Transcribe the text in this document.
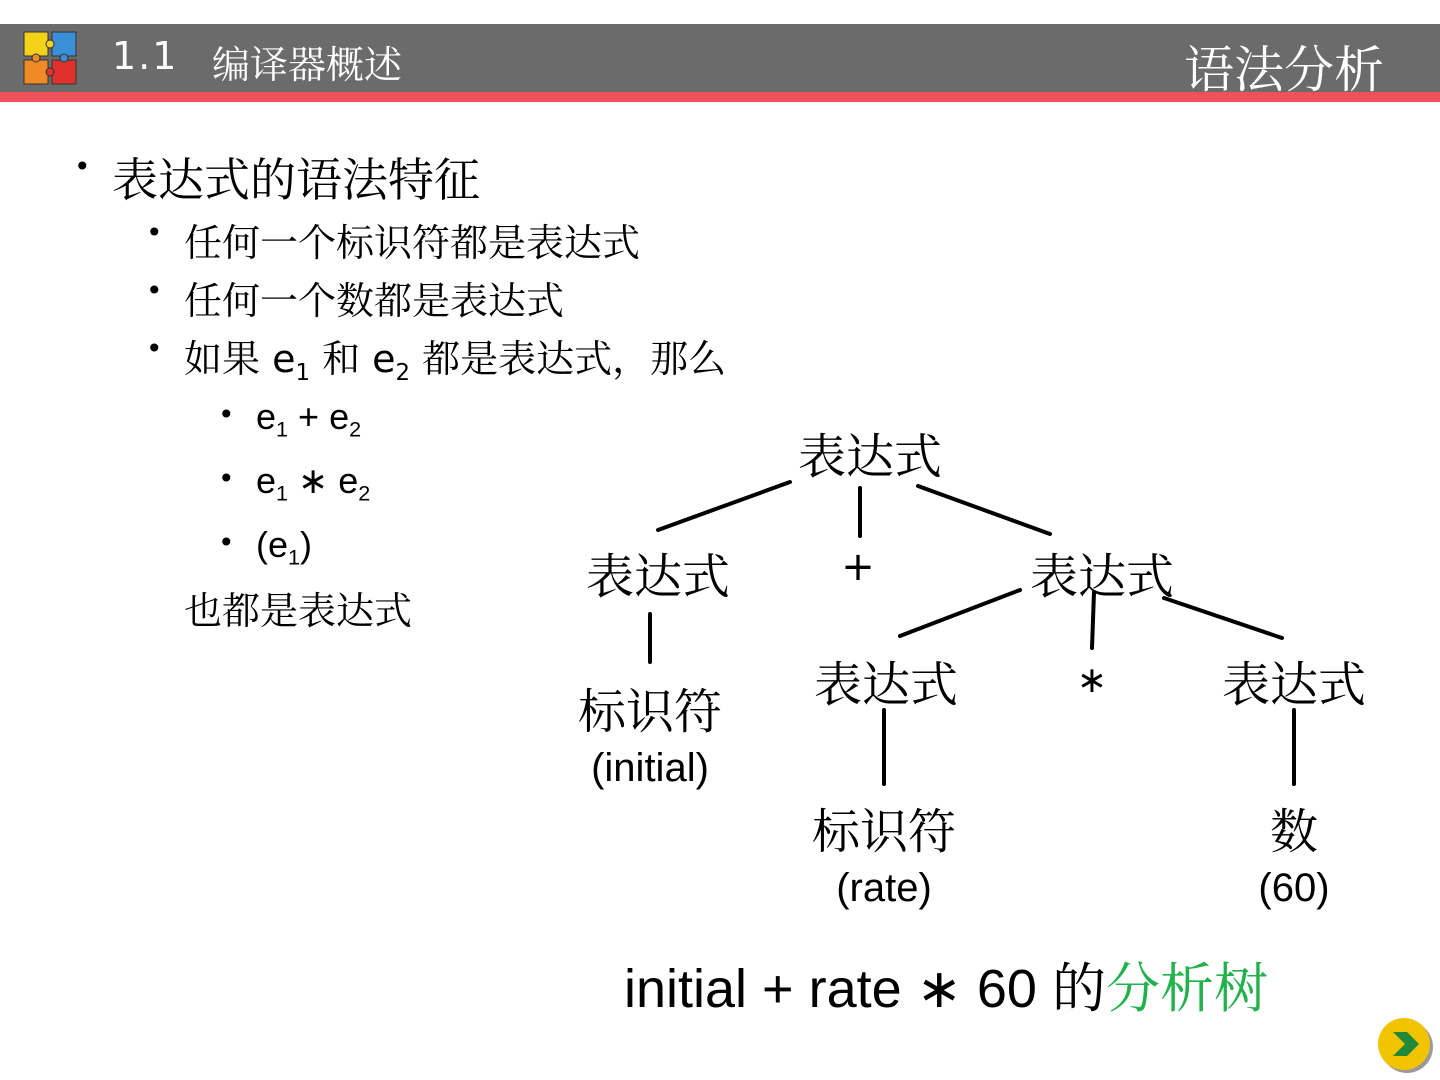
1.1 编译器概述	语法分析
• 表达式的语法特征
• 任何一个标识符都是表达式
• 任何一个数都是表达式
• 如果 $e_1$ 和 $e_2$ 都是表达式，那么
• $e_1 + e_2$
• $e_1$ ∗ $e_2$
• $(e_1)$
也都是表达式
表达式
表达式	+	表达式
表达式	∗ 表达式
标识符
(initial)
标识符
(rate)
数
(60)
initial + rate ∗ 60 的分析树
